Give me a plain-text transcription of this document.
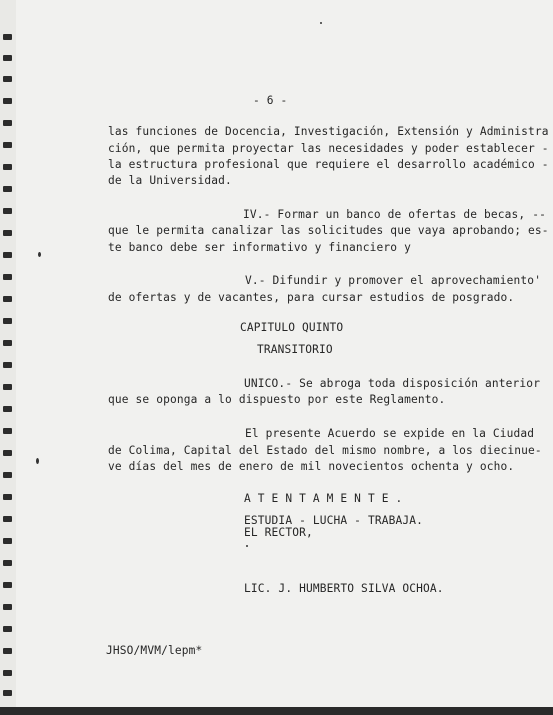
- 6 -
las funciones de Docencia, Investigación, Extensión y Administra
ción, que permita proyectar las necesidades y poder establecer -
la estructura profesional que requiere el desarrollo académico -
de la Universidad.
IV.- Formar un banco de ofertas de becas, --
que le permita canalizar las solicitudes que vaya aprobando; es-
te banco debe ser informativo y financiero y
V.- Difundir y promover el aprovechamiento'
de ofertas y de vacantes, para cursar estudios de posgrado.
CAPITULO QUINTO
TRANSITORIO
UNICO.- Se abroga toda disposición anterior
que se oponga a lo dispuesto por este Reglamento.
El presente Acuerdo se expide en la Ciudad
de Colima, Capital del Estado del mismo nombre, a los diecinue-
ve días del mes de enero de mil novecientos ochenta y ocho.
A T E N T A M E N T E .
ESTUDIA - LUCHA - TRABAJA.
EL RECTOR,
LIC. J. HUMBERTO SILVA OCHOA.
JHSO/MVM/lepm*
